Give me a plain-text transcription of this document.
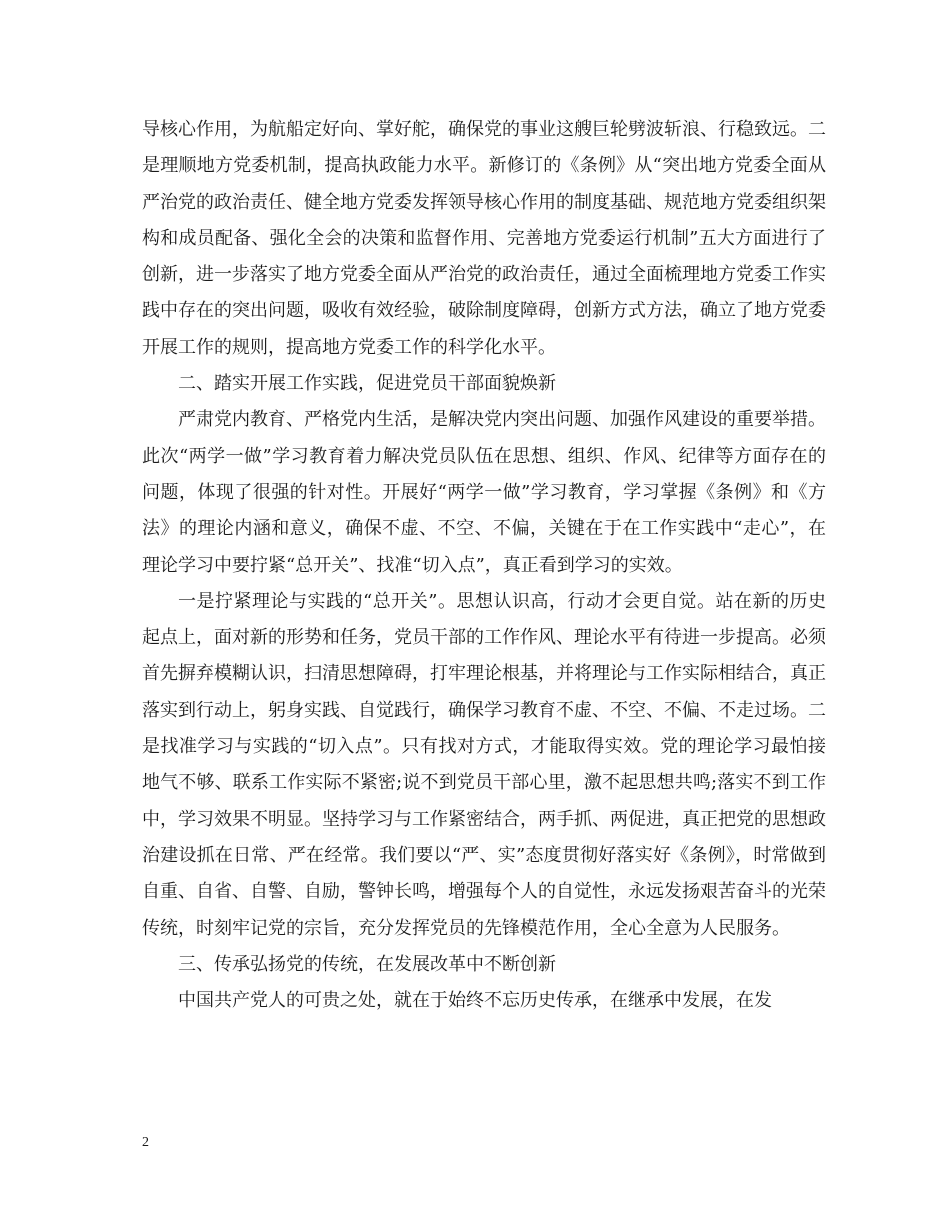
导核心作用，为航船定好向、掌好舵，确保党的事业这艘巨轮劈波斩浪、行稳致远。二是理顺地方党委机制，提高执政能力水平。新修订的《条例》从“突出地方党委全面从严治党的政治责任、健全地方党委发挥领导核心作用的制度基础、规范地方党委组织架构和成员配备、强化全会的决策和监督作用、完善地方党委运行机制”五大方面进行了创新，进一步落实了地方党委全面从严治党的政治责任，通过全面梳理地方党委工作实践中存在的突出问题，吸收有效经验，破除制度障碍，创新方式方法，确立了地方党委开展工作的规则，提高地方党委工作的科学化水平。

二、踏实开展工作实践，促进党员干部面貌焕新

严肃党内教育、严格党内生活，是解决党内突出问题、加强作风建设的重要举措。此次“两学一做”学习教育着力解决党员队伍在思想、组织、作风、纪律等方面存在的问题，体现了很强的针对性。开展好“两学一做”学习教育，学习掌握《条例》和《方法》的理论内涵和意义，确保不虚、不空、不偏，关键在于在工作实践中“走心”，在理论学习中要拧紧“总开关”、找准“切入点”，真正看到学习的实效。

一是拧紧理论与实践的“总开关”。思想认识高，行动才会更自觉。站在新的历史起点上，面对新的形势和任务，党员干部的工作作风、理论水平有待进一步提高。必须首先摒弃模糊认识，扫清思想障碍，打牢理论根基，并将理论与工作实际相结合，真正落实到行动上，躬身实践、自觉践行，确保学习教育不虚、不空、不偏、不走过场。二是找准学习与实践的“切入点”。只有找对方式，才能取得实效。党的理论学习最怕接地气不够、联系工作实际不紧密;说不到党员干部心里，激不起思想共鸣;落实不到工作中，学习效果不明显。坚持学习与工作紧密结合，两手抓、两促进，真正把党的思想政治建设抓在日常、严在经常。我们要以“严、实”态度贯彻好落实好《条例》，时常做到自重、自省、自警、自励，警钟长鸣，增强每个人的自觉性，永远发扬艰苦奋斗的光荣传统，时刻牢记党的宗旨，充分发挥党员的先锋模范作用，全心全意为人民服务。

三、传承弘扬党的传统，在发展改革中不断创新

中国共产党人的可贵之处，就在于始终不忘历史传承，在继承中发展，在发

2
